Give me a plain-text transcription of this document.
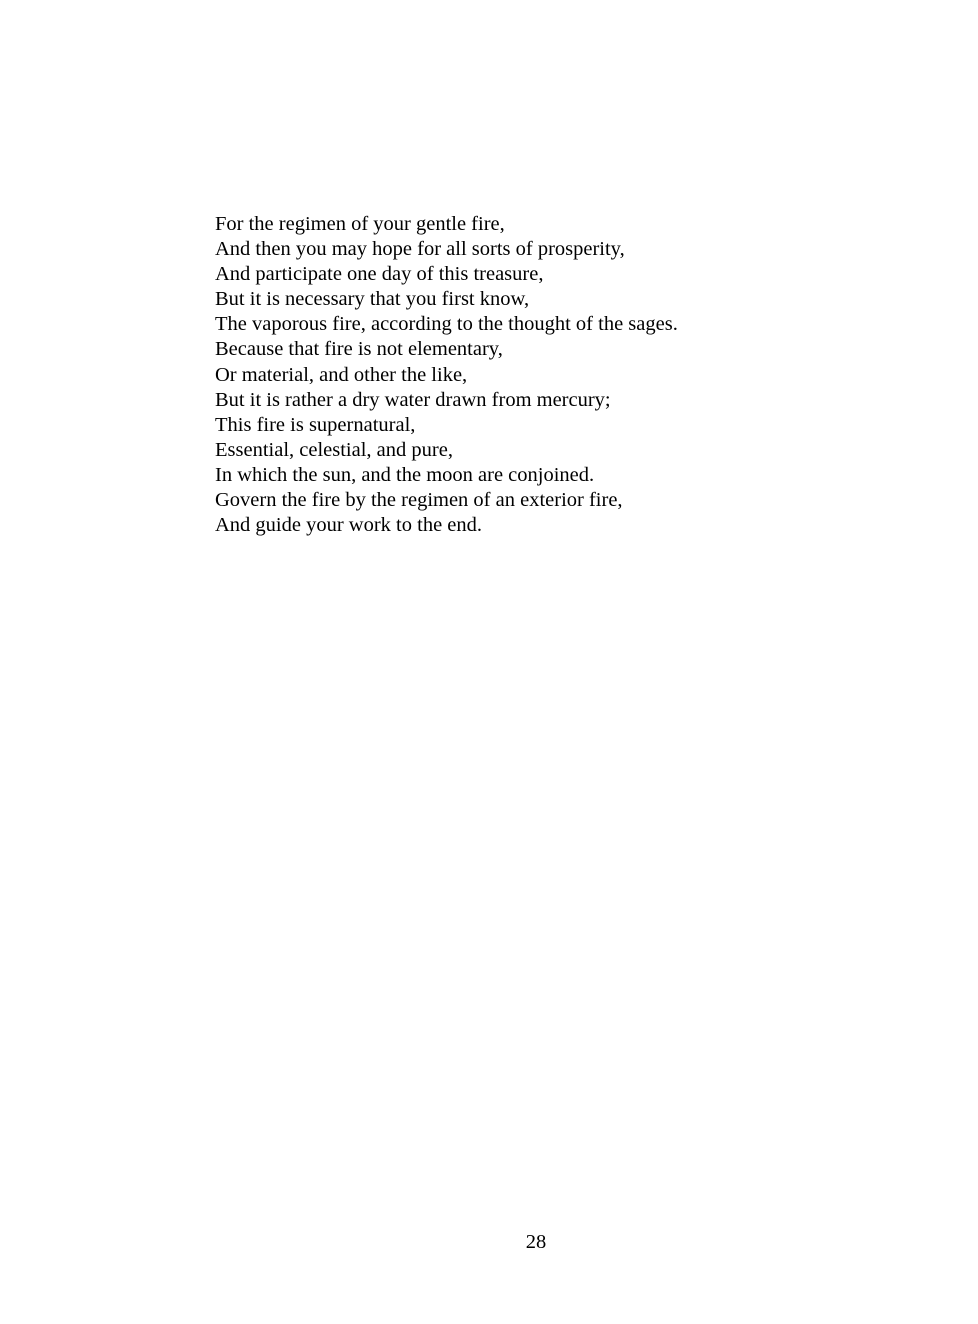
For the regimen of your gentle fire,
And then you may hope for all sorts of prosperity,
And participate one day of this treasure,
But it is necessary that you first know,
The vaporous fire, according to the thought of the sages.
Because that fire is not elementary,
Or material, and other the like,
But it is rather a dry water drawn from mercury;
This fire is supernatural,
Essential, celestial, and pure,
In which the sun, and the moon are conjoined.
Govern the fire by the regimen of an exterior fire,
And guide your work to the end.
28
